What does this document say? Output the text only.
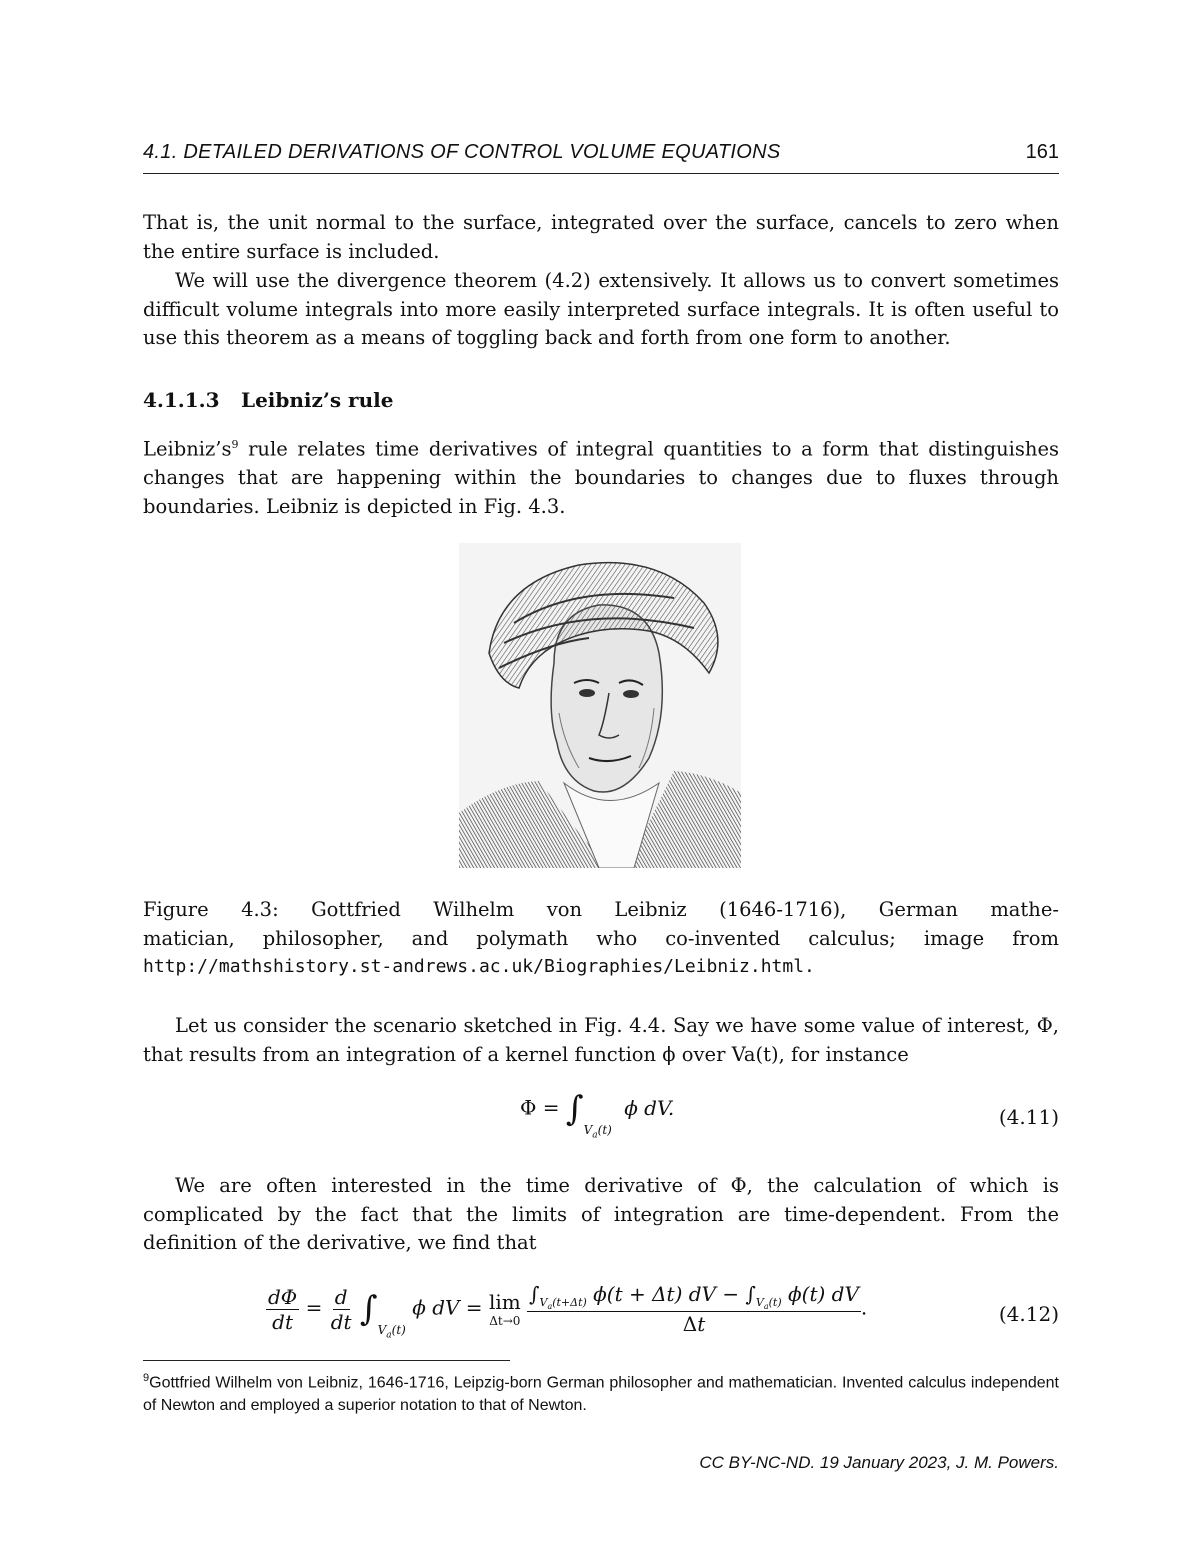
4.1. DETAILED DERIVATIONS OF CONTROL VOLUME EQUATIONS	161
That is, the unit normal to the surface, integrated over the surface, cancels to zero when the entire surface is included.
We will use the divergence theorem (4.2) extensively. It allows us to convert sometimes difficult volume integrals into more easily interpreted surface integrals. It is often useful to use this theorem as a means of toggling back and forth from one form to another.
4.1.1.3 Leibniz’s rule
$Leibniz’s^9$ rule relates time derivatives of integral quantities to a form that distinguishes changes that are happening within the boundaries to changes due to fluxes through boundaries. Leibniz is depicted in Fig. 4.3.
Figure 4.3: Gottfried Wilhelm von Leibniz (1646-1716), German mathe-
matician, philosopher, and polymath who co-invented calculus; image from
http://mathshistory.st-andrews.ac.uk/Biographies/Leibniz.html.
Let us consider the scenario sketched in Fig. 4.4. Say we have some value of interest, Φ, that results from an integration of a kernel function ϕ over Va(t), for instance
$\Phi = \int_{V_a(t)}$ ϕ dV.	(4.11)
We are often interested in the time derivative of Φ, the calculation of which is complicated by the fact that the limits of integration are time-dependent. From the definition of the derivative, we find that
$\frac{d\Phi}{dt} = \frac{d}{dt} \int_{V_a(t)}$ ϕ dV = lim
Δt→0
$\frac{\int_{V_a(t+\Delta t)} \phi(t + \Delta t) dV - \int_{V_a(t)} \phi(t) dV}{\Delta t}$ .	(4.12)
$^9$Gottfried Wilhelm von Leibniz, 1646-1716, Leipzig-born German philosopher and mathematician. Invented calculus independent of Newton and employed a superior notation to that of Newton.
CC BY-NC-ND. 19 January 2023, J. M. Powers.
